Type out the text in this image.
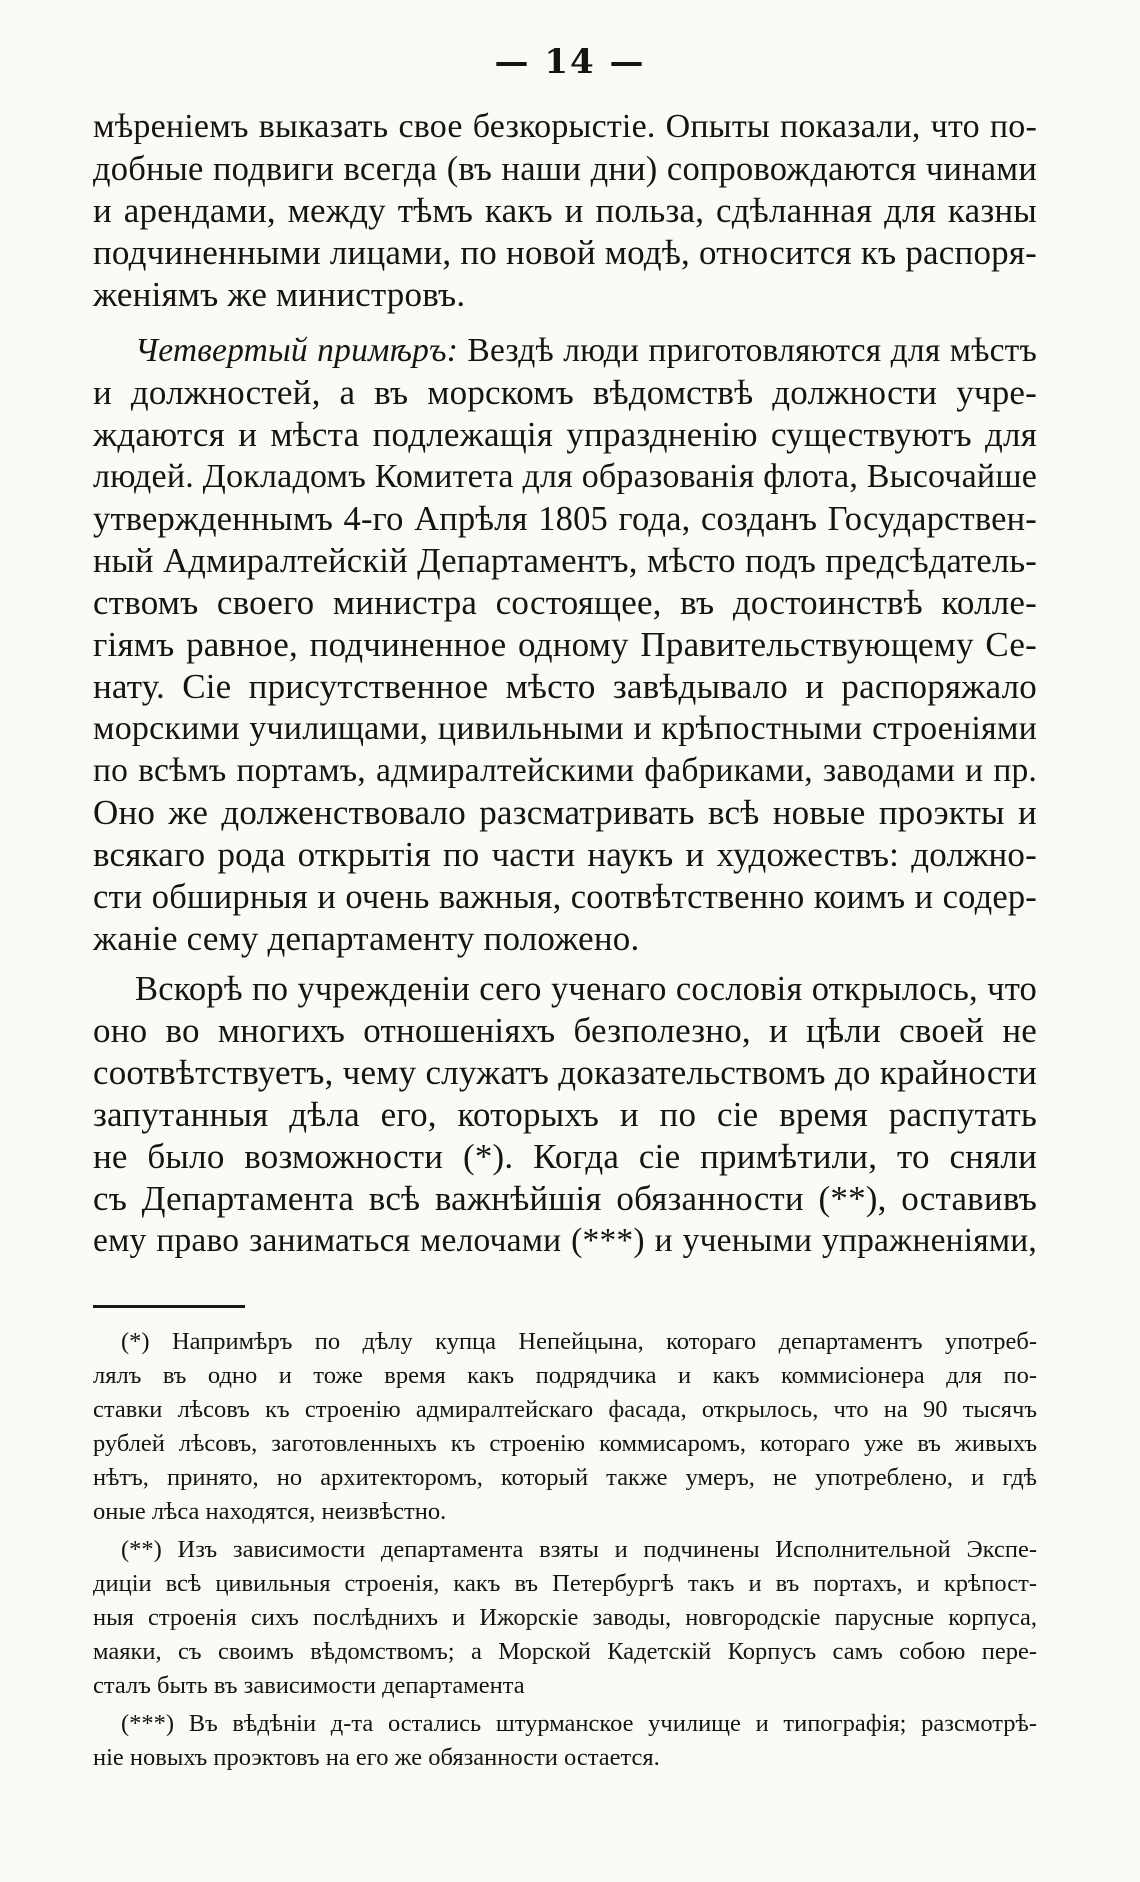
— 14 —
мѣреніемъ выказать свое безкорыстіе. Опыты показали, что по-
добные подвиги всегда (въ наши дни) сопровождаются чинами
и арендами, между тѣмъ какъ и польза, сдѣланная для казны
подчиненными лицами, по новой модѣ, относится къ распоря-
женіямъ же министровъ.
Четвертый примѣръ: Вездѣ люди приготовляются для мѣстъ
и должностей, а въ морскомъ вѣдомствѣ должности учре-
ждаются и мѣста подлежащія упраздненію существуютъ для
людей. Докладомъ Комитета для образованія флота, Высочайше
утвержденнымъ 4-го Апрѣля 1805 года, созданъ Государствен-
ный Адмиралтейскій Департаментъ, мѣсто подъ предсѣдатель-
ствомъ своего министра состоящее, въ достоинствѣ колле-
гіямъ равное, подчиненное одному Правительствующему Се-
нату. Сіе присутственное мѣсто завѣдывало и распоряжало
морскими училищами, цивильными и крѣпостными строеніями
по всѣмъ портамъ, адмиралтейскими фабриками, заводами и пр.
Оно же долженствовало разсматривать всѣ новые проэкты и
всякаго рода открытія по части наукъ и художествъ: должно-
сти обширныя и очень важныя, соотвѣтственно коимъ и содер-
жаніе сему департаменту положено.
Вскорѣ по учрежденіи сего ученаго сословія открылось, что
оно во многихъ отношеніяхъ безполезно, и цѣли своей не
соотвѣтствуетъ, чему служатъ доказательствомъ до крайности
запутанныя дѣла его, которыхъ и по сіе время распутать
не было возможности (*). Когда сіе примѣтили, то сняли
съ Департамента всѣ важнѣйшія обязанности (**), оставивъ
ему право заниматься мелочами (***) и учеными упражненіями,
(*) Напримѣръ по дѣлу купца Непейцына, котораго департаментъ употреб-
лялъ въ одно и тоже время какъ подрядчика и какъ коммисіонера для по-
ставки лѣсовъ къ строенію адмиралтейскаго фасада, открылось, что на 90 тысячъ
рублей лѣсовъ, заготовленныхъ къ строенію коммисаромъ, котораго уже въ живыхъ
нѣтъ, принято, но архитекторомъ, который также умеръ, не употреблено, и гдѣ
оные лѣса находятся, неизвѣстно.
(**) Изъ зависимости департамента взяты и подчинены Исполнительной Экспе-
диціи всѣ цивильныя строенія, какъ въ Петербургѣ такъ и въ портахъ, и крѣпост-
ныя строенія сихъ послѣднихъ и Ижорскіе заводы, новгородскіе парусные корпуса,
маяки, съ своимъ вѣдомствомъ; а Морской Кадетскій Корпусъ самъ собою пере-
сталъ быть въ зависимости департамента
(***) Въ вѣдѣніи д-та остались штурманское училище и типографія; разсмотрѣ-
ніе новыхъ проэктовъ на его же обязанности остается.
